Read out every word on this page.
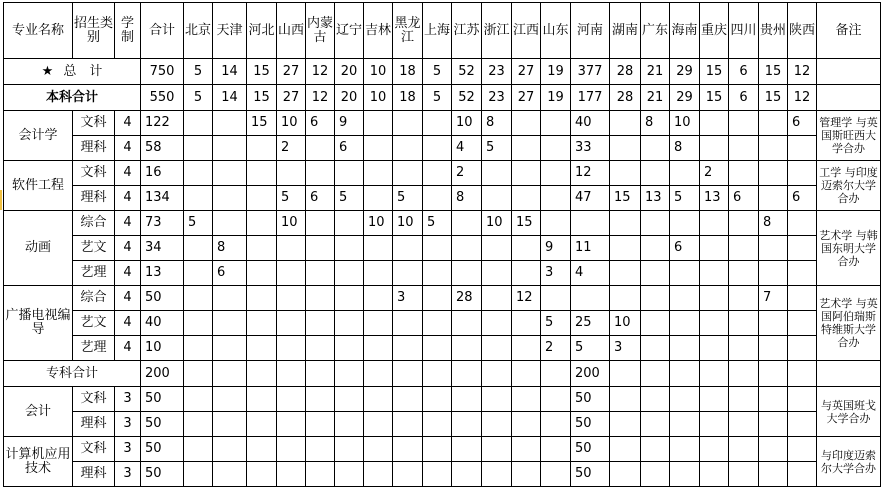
专业名称	招生类别	学制	合计	北京	天津	河北	山西	内蒙古	辽宁	吉林	黑龙江	上海	江苏	浙江	江西	山东	河南	湖南	广东	海南	重庆	四川	贵州	陕西	备注
★ 总　计			750	5	14	15	27	12	20	10	18	5	52	23	27	19	377	28	21	29	15	6	15	12	
本科合计			550	5	14	15	27	12	20	10	18	5	52	23	27	19	177	28	21	29	15	6	15	12	
会计学	文科	4	122			15	10	6	9				10	8			40		8	10				6	管理学 与英国斯旺西大学合办
	理科	4	58				2		6				4	5			33			8					
软件工程	文科	4	16										2				12				2				工学 与印度迈索尔大学合办
	理科	4	134				5	6	5		5		8				47	15	13	5	13	6		6	
动画	综合	4	73	5			10			10	10	5		10	15								8		艺术学 与韩国东明大学合办
	艺文	4	34		8											9	11			6					
	艺理	4	13		6											3	4								
广播电视编导	综合	4	50								3		28		12								7		艺术学 与英国阿伯瑞斯特维斯大学合办
	艺文	4	40													5	25	10							
	艺理	4	10													2	5	3							
专科合计			200														200								
会计	文科	3	50														50								与英国班戈大学合办
	理科	3	50														50								
计算机应用技术	文科	3	50														50								与印度迈索尔大学合办
	理科	3	50														50								
